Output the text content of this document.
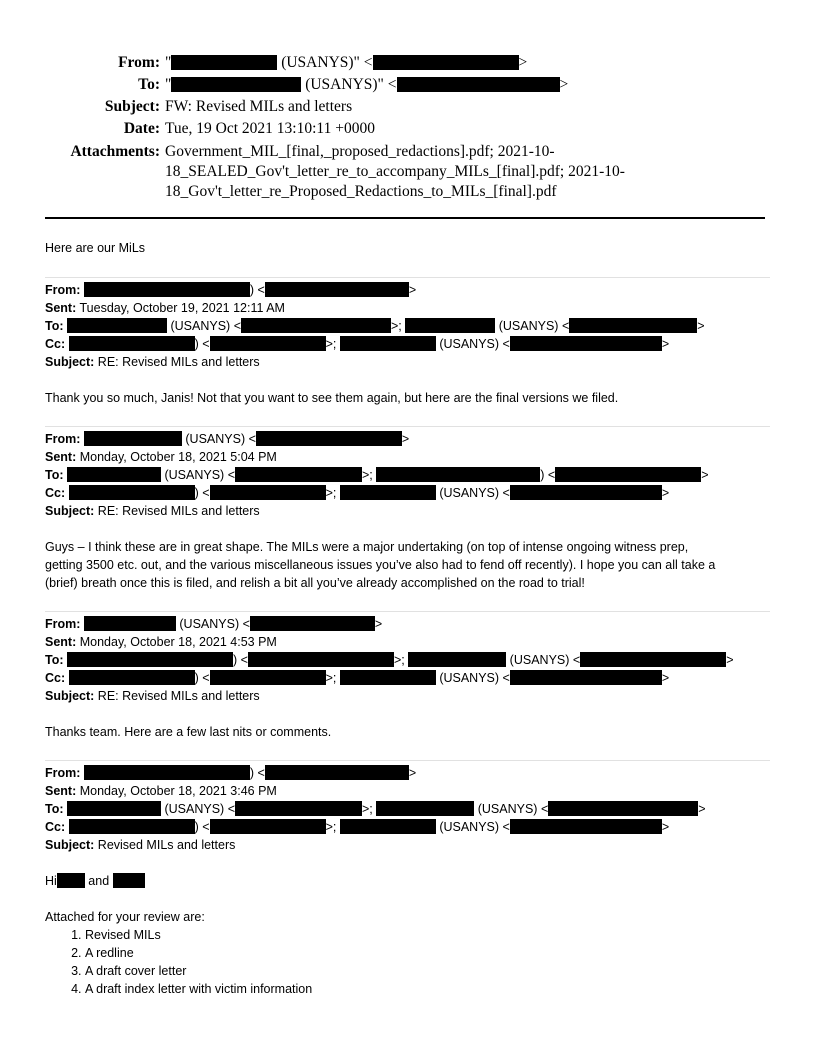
From: "	(USANYS)" <	>
To: "	(USANYS)" <	>
Subject: FW: Revised MILs and letters
Date: Tue, 19 Oct 2021 13:10:11 +0000
Attachments: Government_MIL_[final,_proposed_redactions].pdf; 2021-10-
18_SEALED_Gov't_letter_re_to_accompany_MILs_[final].pdf; 2021-10-
18_Gov't_letter_re_Proposed_Redactions_to_MILs_[final].pdf
Here are our MiLs
From:	) <	>
Sent: Tuesday, October 19, 2021 12:11 AM
To:	(USANYS) <	>;	(USANYS) <	>
Cc:	) <	>;	(USANYS) <	>
Subject: RE: Revised MILs and letters
Thank you so much, Janis! Not that you want to see them again, but here are the final versions we filed.
From:	(USANYS) <	>
Sent: Monday, October 18, 2021 5:04 PM
To:	(USANYS) <	>;	) <	>
Cc:	) <	>;	(USANYS) <	>
Subject: RE: Revised MILs and letters
Guys – I think these are in great shape. The MILs were a major undertaking (on top of intense ongoing witness prep,
getting 3500 etc. out, and the various miscellaneous issues you’ve also had to fend off recently). I hope you can all take a
(brief) breath once this is filed, and relish a bit all you’ve already accomplished on the road to trial!
From:	(USANYS) <	>
Sent: Monday, October 18, 2021 4:53 PM
To:	) <	>;	(USANYS) <	>
Cc:	) <	>;	(USANYS) <	>
Subject: RE: Revised MILs and letters
Thanks team. Here are a few last nits or comments.
From:	) <	>
Sent: Monday, October 18, 2021 3:46 PM
To:	(USANYS) <	>;	(USANYS) <	>
Cc:	) <	>;	(USANYS) <	>
Subject: Revised MILs and letters
Hi	and
Attached for your review are:
1. Revised MILs
2. A redline
3. A draft cover letter
4. A draft index letter with victim information
